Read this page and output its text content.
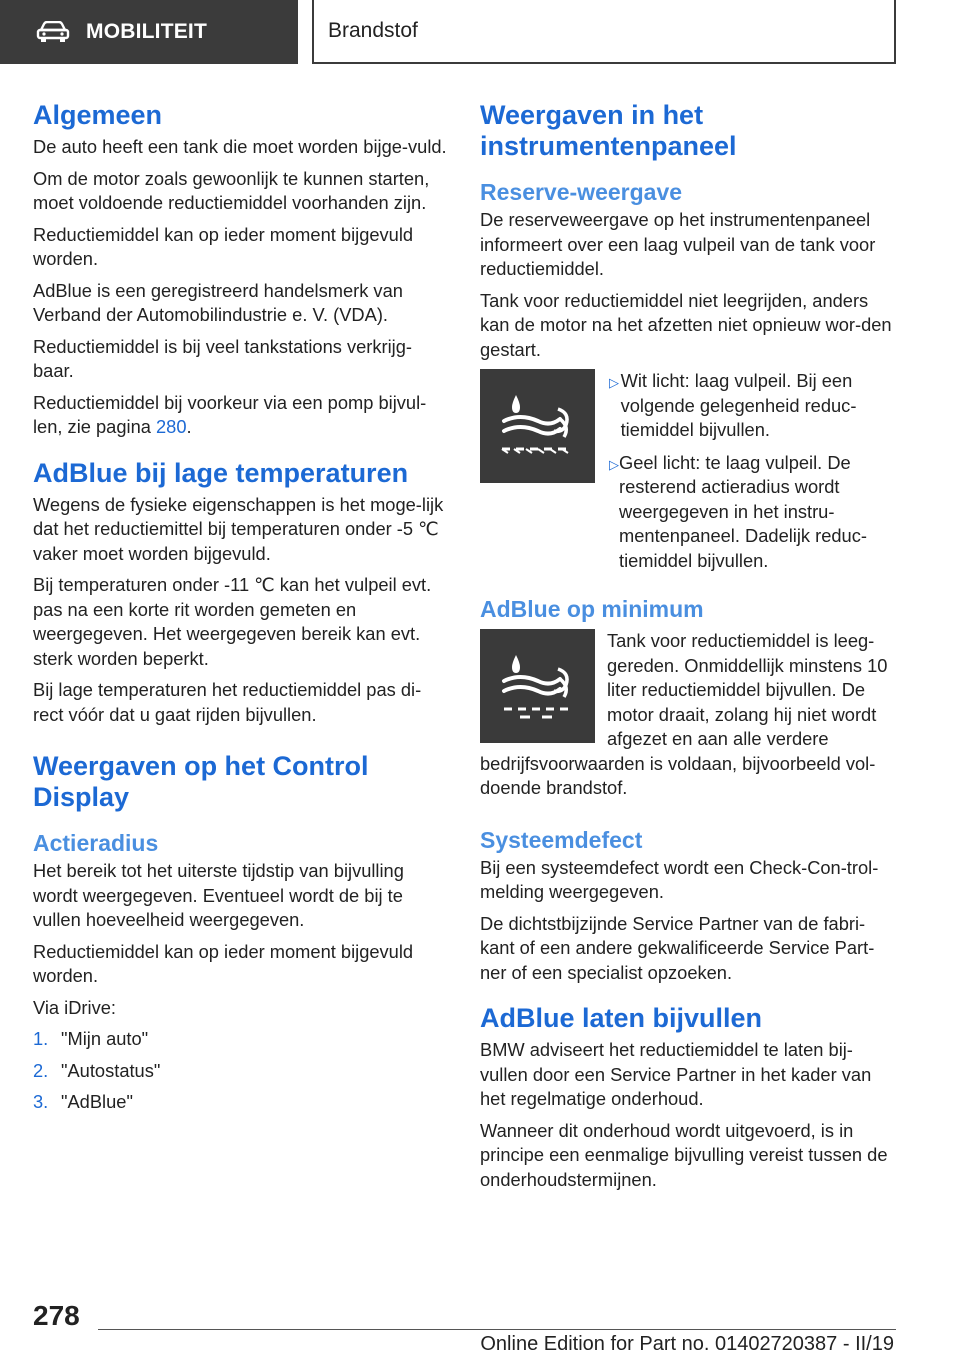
MOBILITEIT	Brandstof
Algemeen

De auto heeft een tank die moet worden bijge-vuld.

Om de motor zoals gewoonlijk te kunnen starten, moet voldoende reductiemiddel voorhanden zijn.

Reductiemiddel kan op ieder moment bijgevuld worden.

AdBlue is een geregistreerd handelsmerk van Verband der Automobilindustrie e. V. (VDA).

Reductiemiddel is bij veel tankstations verkrijg-baar.

Reductiemiddel bij voorkeur via een pomp bijvul-len, zie pagina 280.

AdBlue bij lage temperaturen

Wegens de fysieke eigenschappen is het moge-lijk dat het reductiemittel bij temperaturen onder -5 ℃ vaker moet worden bijgevuld.

Bij temperaturen onder -11 ℃ kan het vulpeil evt. pas na een korte rit worden gemeten en weergegeven. Het weergegeven bereik kan evt. sterk worden beperkt.

Bij lage temperaturen het reductiemiddel pas di-rect vóór dat u gaat rijden bijvullen.

Weergaven op het Control Display
Actieradius

Het bereik tot het uiterste tijdstip van bijvulling wordt weergegeven. Eventueel wordt de bij te vullen hoeveelheid weergegeven.

Reductiemiddel kan op ieder moment bijgevuld worden.

Via iDrive:

1. "Mijn auto"
2. "Autostatus"
3. "AdBlue"
Weergaven in het instrumentenpaneel
Reserve-weergave

De reserveweergave op het instrumentenpaneel informeert over een laag vulpeil van de tank voor reductiemiddel.

Tank voor reductiemiddel niet leegrijden, anders kan de motor na het afzetten niet opnieuw wor-den gestart.

▷ Wit licht: laag vulpeil. Bij een volgende gelegenheid reduc-tiemiddel bijvullen.
▷ Geel licht: te laag vulpeil. De resterend actieradius wordt weergegeven in het instru-mentenpaneel. Dadelijk reduc-tiemiddel bijvullen.
AdBlue op minimum

Tank voor reductiemiddel is leeg-gereden. Onmiddellijk minstens 10 liter reductiemiddel bijvullen. De motor draait, zolang hij niet wordt afgezet en aan alle verdere bedrijfsvoorwaarden is voldaan, bijvoorbeeld vol-doende brandstof.

Systeemdefect

Bij een systeemdefect wordt een Check-Con-trol-melding weergegeven.

De dichtstbijzijnde Service Partner van de fabri-kant of een andere gekwalificeerde Service Part-ner of een specialist opzoeken.

AdBlue laten bijvullen

BMW adviseert het reductiemiddel te laten bij-vullen door een Service Partner in het kader van het regelmatige onderhoud.

Wanneer dit onderhoud wordt uitgevoerd, is in principe een eenmalige bijvulling vereist tussen de onderhoudstermijnen.

278
Online Edition for Part no. 01402720387 - II/19
